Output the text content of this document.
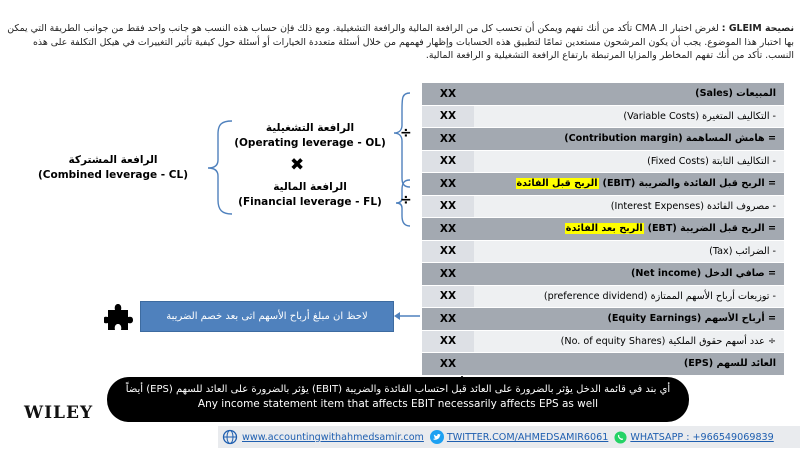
نصيحة GLEIM : لغرض اختبار الـ CMA تأكد من أنك تفهم ويمكن أن تحسب كل من الرافعة المالية والرافعة التشغيلية. ومع ذلك فإن حساب هذه النسب هو جانب واحد فقط من جوانب الطريقة التي يمكن بها اختبار هذا الموضوع. يجب أن يكون المرشحون مستعدين تمامًا لتطبيق هذه الحسابات وإظهار فهمهم من خلال أسئلة متعددة الخيارات أو أسئلة حول كيفية تأثير التغييرات في هيكل التكلفة على هذه النسب. تأكد من أنك تفهم المخاطر والمزايا المرتبطة بارتفاع الرافعة التشغيلية و الرافعة المالية.
الرافعة التشغيلية
(Operating leverage - OL)
✖
الرافعة المالية
(Financial leverage - FL)
الرافعة المشتركة
(Combined leverage - CL)
÷
÷
XX	المبيعات (Sales)
XX	- التكاليف المتغيرة (Variable Costs)
XX	= هامش المساهمة (Contribution margin)
XX	- التكاليف الثابتة (Fixed Costs)
XX	= الربح قبل الفائدة والضريبة (EBIT)
الربح قبل الفائدة
XX	- مصروف الفائدة (Interest Expenses)
XX	= الربح قبل الضريبة (EBT)
الربح بعد الفائدة
XX	- الضرائب (Tax)
XX	= صافي الدخل (Net income)
XX	- توزيعات أرباح الأسهم الممتازة (preference dividend)
XX	= أرباح الأسهم (Equity Earnings)
XX	÷ عدد أسهم حقوق الملكية (No. of equity Shares)
XX	العائد للسهم (EPS)
لاحظ ان مبلغ أرباح الأسهم اتى بعد خصم الضريبة
أي بند في قائمة الدخل يؤثر بالضرورة على العائد قبل احتساب الفائدة والضريبة (EBIT) يؤثر بالضرورة على العائد للسهم (EPS) أيضاً
Any income statement item that affects EBIT necessarily affects EPS as well
WILEY
www.accountingwithahmedsamir.com TWITTER.COM/AHMEDSAMIR6061 WHATSAPP : +966549069839
